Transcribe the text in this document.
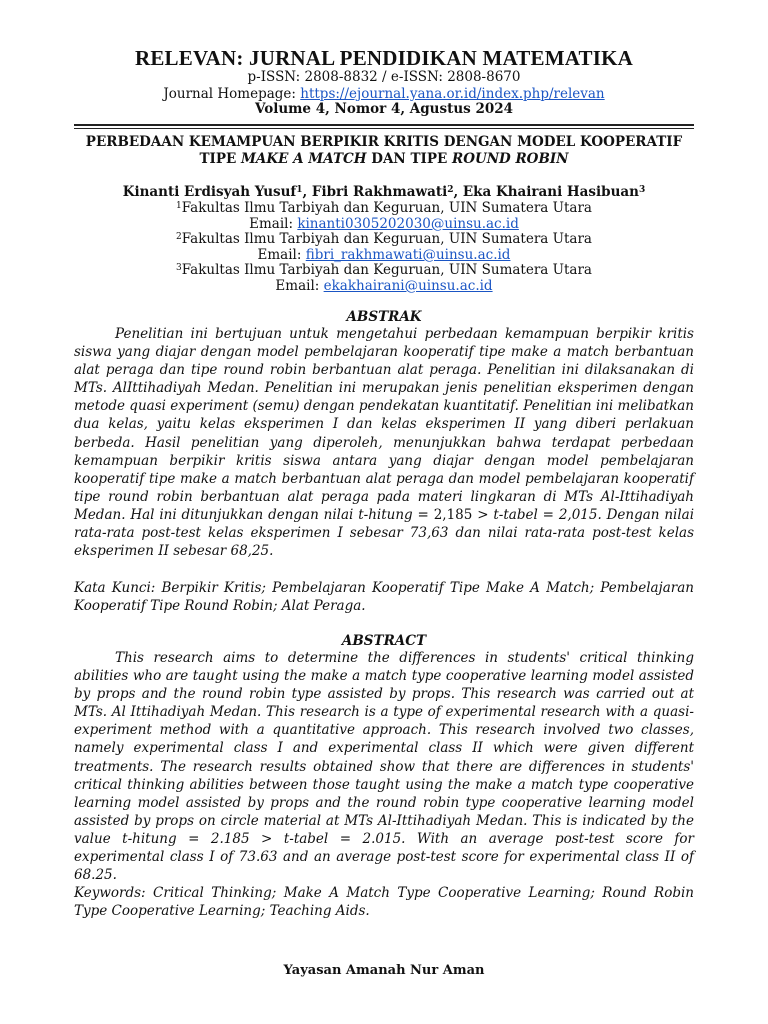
RELEVAN: JURNAL PENDIDIKAN MATEMATIKA
p-ISSN: 2808-8832 / e-ISSN: 2808-8670
Journal Homepage: https://ejournal.yana.or.id/index.php/relevan
Volume 4, Nomor 4, Agustus 2024
PERBEDAAN KEMAMPUAN BERPIKIR KRITIS DENGAN MODEL KOOPERATIF TIPE MAKE A MATCH DAN TIPE ROUND ROBIN
Kinanti Erdisyah Yusuf$^1$, Fibri Rakhmawati$^2$, Eka Khairani Hasibuan$^3$
$^1$Fakultas Ilmu Tarbiyah dan Keguruan, UIN Sumatera Utara
Email: kinanti0305202030@uinsu.ac.id
$^2$Fakultas Ilmu Tarbiyah dan Keguruan, UIN Sumatera Utara
Email: fibri_rakhmawati@uinsu.ac.id
$^3$Fakultas Ilmu Tarbiyah dan Keguruan, UIN Sumatera Utara
Email: ekakhairani@uinsu.ac.id
ABSTRAK
Penelitian ini bertujuan untuk mengetahui perbedaan kemampuan berpikir kritis siswa yang diajar dengan model pembelajaran kooperatif tipe make a match berbantuan alat peraga dan tipe round robin berbantuan alat peraga. Penelitian ini dilaksanakan di MTs. AlIttihadiyah Medan. Penelitian ini merupakan jenis penelitian eksperimen dengan metode quasi experiment (semu) dengan pendekatan kuantitatif. Penelitian ini melibatkan dua kelas, yaitu kelas eksperimen I dan kelas eksperimen II yang diberi perlakuan berbeda. Hasil penelitian yang diperoleh, menunjukkan bahwa terdapat perbedaan kemampuan berpikir kritis siswa antara yang diajar dengan model pembelajaran kooperatif tipe make a match berbantuan alat peraga dan model pembelajaran kooperatif tipe round robin berbantuan alat peraga pada materi lingkaran di MTs Al-Ittihadiyah Medan. Hal ini ditunjukkan dengan nilai t-hitung = 2,185 > t-tabel = 2,015. Dengan nilai rata-rata post-test kelas eksperimen I sebesar 73,63 dan nilai rata-rata post-test kelas eksperimen II sebesar 68,25.
Kata Kunci: Berpikir Kritis; Pembelajaran Kooperatif Tipe Make A Match; Pembelajaran Kooperatif Tipe Round Robin; Alat Peraga.
ABSTRACT
This research aims to determine the differences in students' critical thinking abilities who are taught using the make a match type cooperative learning model assisted by props and the round robin type assisted by props. This research was carried out at MTs. Al Ittihadiyah Medan. This research is a type of experimental research with a quasi-experiment method with a quantitative approach. This research involved two classes, namely experimental class I and experimental class II which were given different treatments. The research results obtained show that there are differences in students' critical thinking abilities between those taught using the make a match type cooperative learning model assisted by props and the round robin type cooperative learning model assisted by props on circle material at MTs Al-Ittihadiyah Medan. This is indicated by the value t-hitung = 2.185 > t-tabel = 2.015. With an average post-test score for experimental class I of 73.63 and an average post-test score for experimental class II of 68.25.
Keywords: Critical Thinking; Make A Match Type Cooperative Learning; Round Robin Type Cooperative Learning; Teaching Aids.
Yayasan Amanah Nur Aman
